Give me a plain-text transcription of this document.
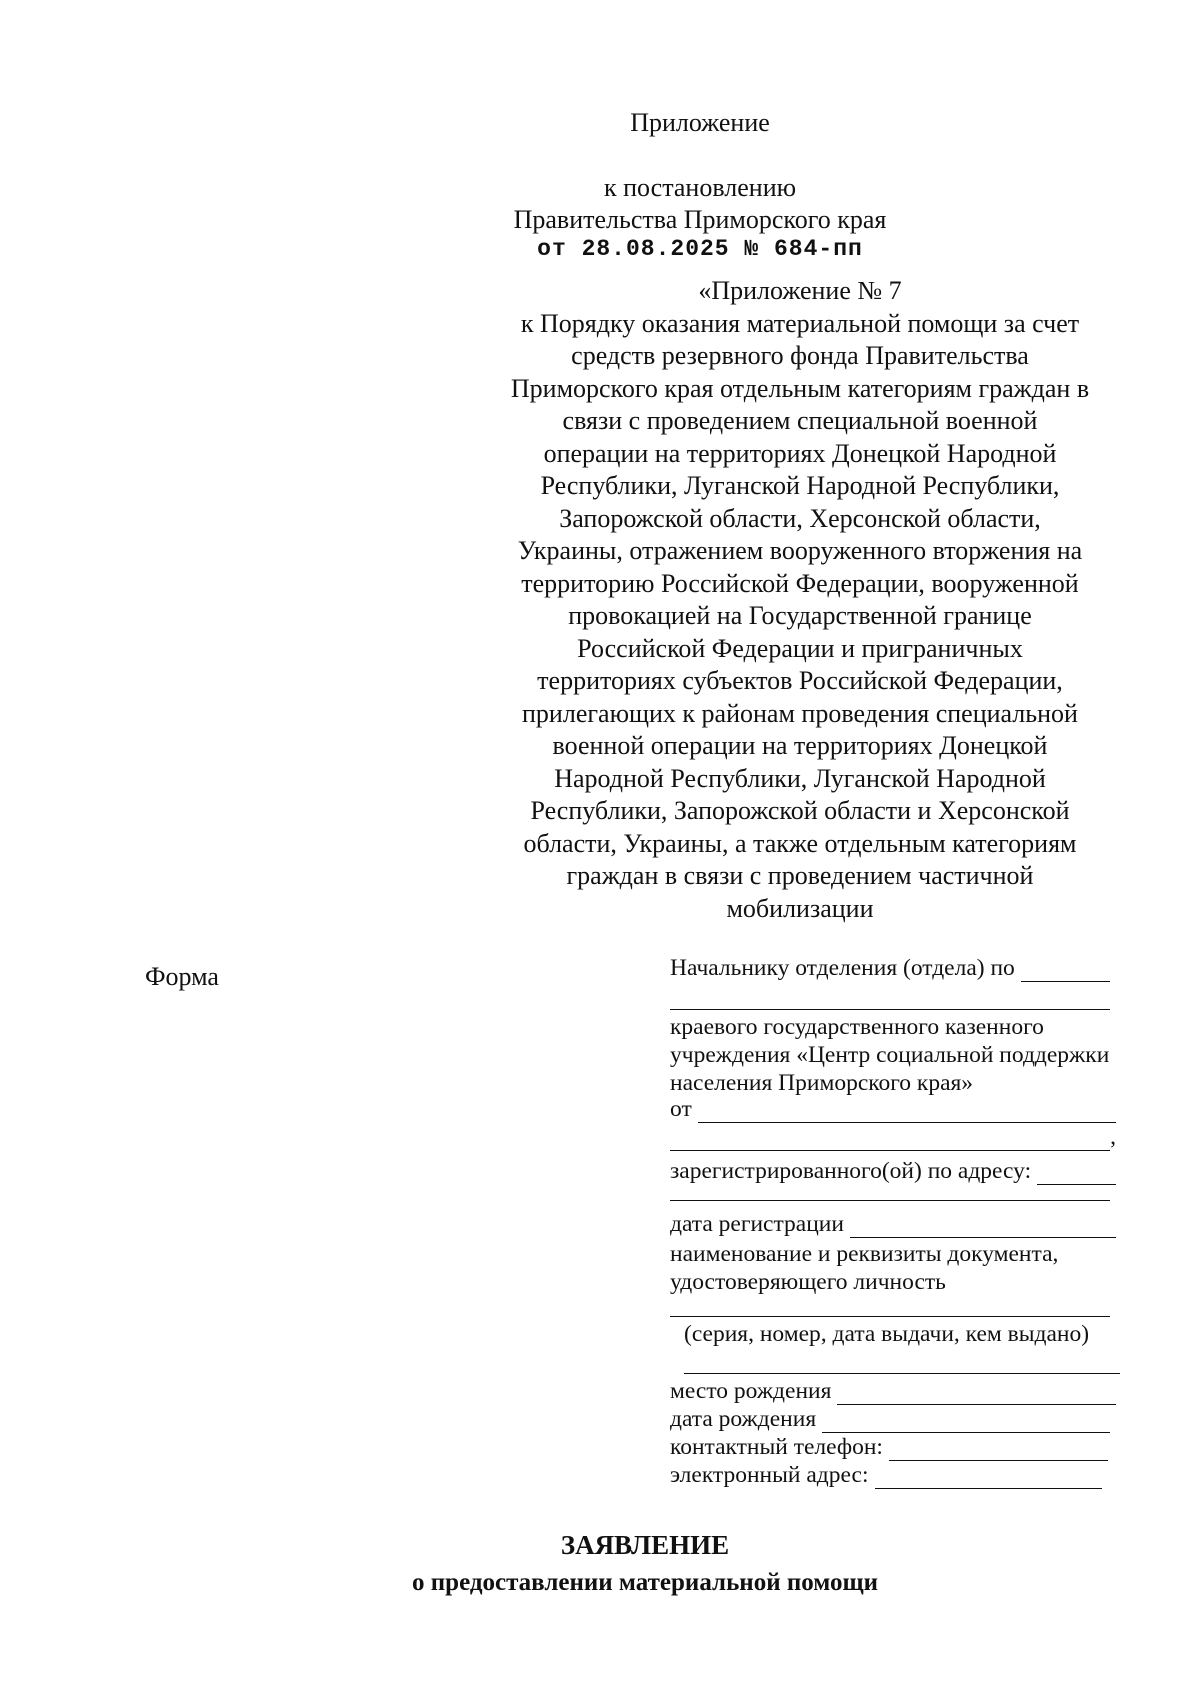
Приложение
к постановлению
Правительства Приморского края
от 28.08.2025 № 684-пп
«Приложение № 7
к Порядку оказания материальной помощи за счет
средств резервного фонда Правительства
Приморского края отдельным категориям граждан в
связи с проведением специальной военной
операции на территориях Донецкой Народной
Республики, Луганской Народной Республики,
Запорожской области, Херсонской области,
Украины, отражением вооруженного вторжения на
территорию Российской Федерации, вооруженной
провокацией на Государственной границе
Российской Федерации и приграничных
территориях субъектов Российской Федерации,
прилегающих к районам проведения специальной
военной операции на территориях Донецкой
Народной Республики, Луганской Народной
Республики, Запорожской области и Херсонской
области, Украины, а также отдельным категориям
граждан в связи с проведением частичной
мобилизации
Форма	Начальнику отделения (отдела) по
краевого государственного казенного
учреждения «Центр социальной поддержки
населения Приморского края»
от
,
зарегистрированного(ой) по адресу:
дата регистрации
наименование и реквизиты документа,
удостоверяющего личность
(серия, номер, дата выдачи, кем выдано)
место рождения
дата рождения
контактный телефон:
электронный адрес:
ЗАЯВЛЕНИЕ
о предоставлении материальной помощи
